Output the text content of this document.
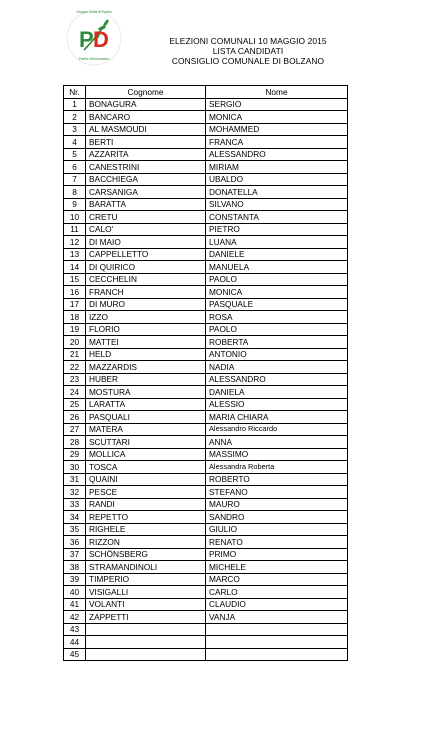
Gruppo Unità di Partito
P D
Partito Democratico
ELEZIONI COMUNALI 10 MAGGIO 2015
LISTA CANDIDATI
CONSIGLIO COMUNALE DI BOLZANO
Nr.	Cognome	Nome
1	BONAGURA	SERGIO
2	BANCARO	MONICA
3	AL MASMOUDI	MOHAMMED
4	BERTI	FRANCA
5	AZZARITA	ALESSANDRO
6	CANESTRINI	MIRIAM
7	BACCHIEGA	UBALDO
8	CARSANIGA	DONATELLA
9	BARATTA	SILVANO
10	CRETU	CONSTANTA
11	CALO'	PIETRO
12	DI MAIO	LUANA
13	CAPPELLETTO	DANIELE
14	DI QUIRICO	MANUELA
15	CECCHELIN	PAOLO
16	FRANCH	MONICA
17	DI MURO	PASQUALE
18	IZZO	ROSA
19	FLORIO	PAOLO
20	MATTEI	ROBERTA
21	HELD	ANTONIO
22	MAZZARDIS	NADIA
23	HUBER	ALESSANDRO
24	MOSTURA	DANIELA
25	LARATTA	ALESSIO
26	PASQUALI	MARIA CHIARA
27	MATERA	Alessandro Riccardo
28	SCUTTARI	ANNA
29	MOLLICA	MASSIMO
30	TOSCA	Alessandra Roberta
31	QUAINI	ROBERTO
32	PESCE	STEFANO
33	RANDI	MAURO
34	REPETTO	SANDRO
35	RIGHELE	GIULIO
36	RIZZON	RENATO
37	SCHÖNSBERG	PRIMO
38	STRAMANDINOLI	MICHELE
39	TIMPERIO	MARCO
40	VISIGALLI	CARLO
41	VOLANTI	CLAUDIO
42	ZAPPETTI	VANJA
43		
44		
45		
